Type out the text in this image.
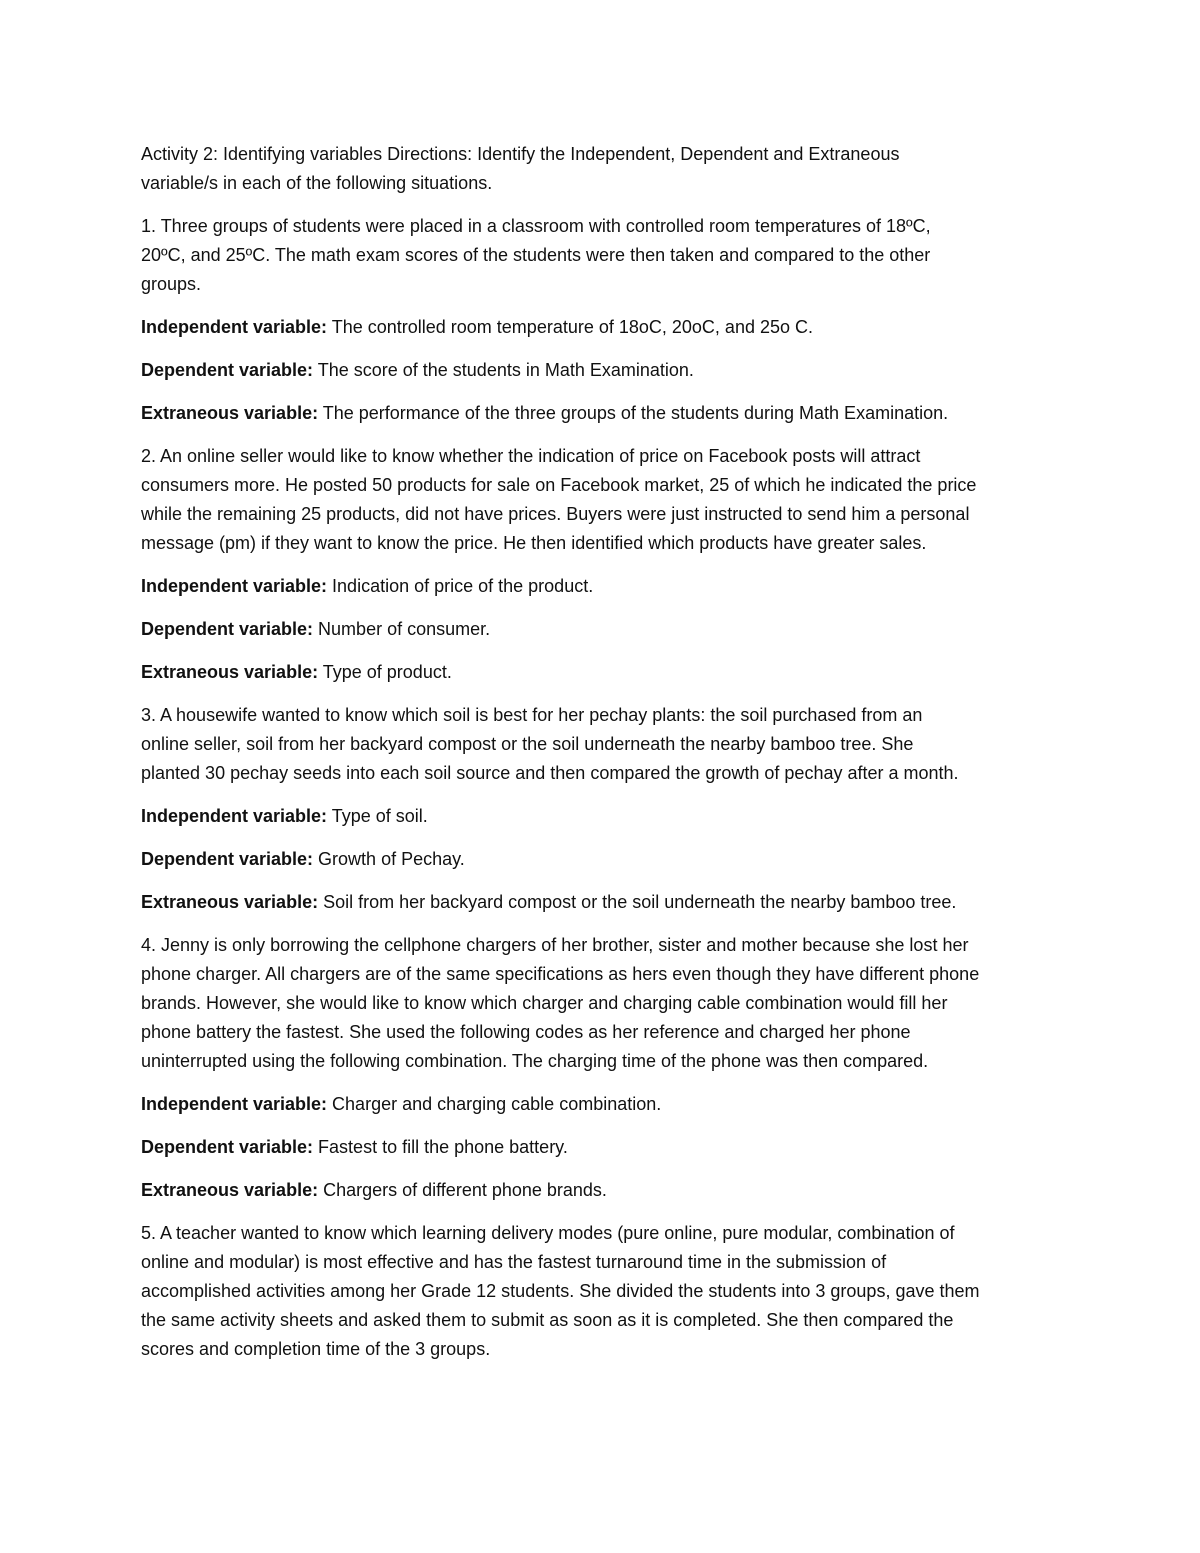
Activity 2: Identifying variables Directions: Identify the Independent, Dependent and Extraneous
variable/s in each of the following situations.

1. Three groups of students were placed in a classroom with controlled room temperatures of 18ºC,
20ºC, and 25ºC. The math exam scores of the students were then taken and compared to the other
groups.

Independent variable: The controlled room temperature of 18oC, 20oC, and 25o C.

Dependent variable: The score of the students in Math Examination.

Extraneous variable: The performance of the three groups of the students during Math Examination.

2. An online seller would like to know whether the indication of price on Facebook posts will attract
consumers more. He posted 50 products for sale on Facebook market, 25 of which he indicated the price
while the remaining 25 products, did not have prices. Buyers were just instructed to send him a personal
message (pm) if they want to know the price. He then identified which products have greater sales.

Independent variable: Indication of price of the product.

Dependent variable: Number of consumer.

Extraneous variable: Type of product.

3. A housewife wanted to know which soil is best for her pechay plants: the soil purchased from an
online seller, soil from her backyard compost or the soil underneath the nearby bamboo tree. She
planted 30 pechay seeds into each soil source and then compared the growth of pechay after a month.

Independent variable: Type of soil.

Dependent variable: Growth of Pechay.

Extraneous variable: Soil from her backyard compost or the soil underneath the nearby bamboo tree.

4. Jenny is only borrowing the cellphone chargers of her brother, sister and mother because she lost her
phone charger. All chargers are of the same specifications as hers even though they have different phone
brands. However, she would like to know which charger and charging cable combination would fill her
phone battery the fastest. She used the following codes as her reference and charged her phone
uninterrupted using the following combination. The charging time of the phone was then compared.

Independent variable: Charger and charging cable combination.

Dependent variable: Fastest to fill the phone battery.

Extraneous variable: Chargers of different phone brands.

5. A teacher wanted to know which learning delivery modes (pure online, pure modular, combination of
online and modular) is most effective and has the fastest turnaround time in the submission of
accomplished activities among her Grade 12 students. She divided the students into 3 groups, gave them
the same activity sheets and asked them to submit as soon as it is completed. She then compared the
scores and completion time of the 3 groups.
